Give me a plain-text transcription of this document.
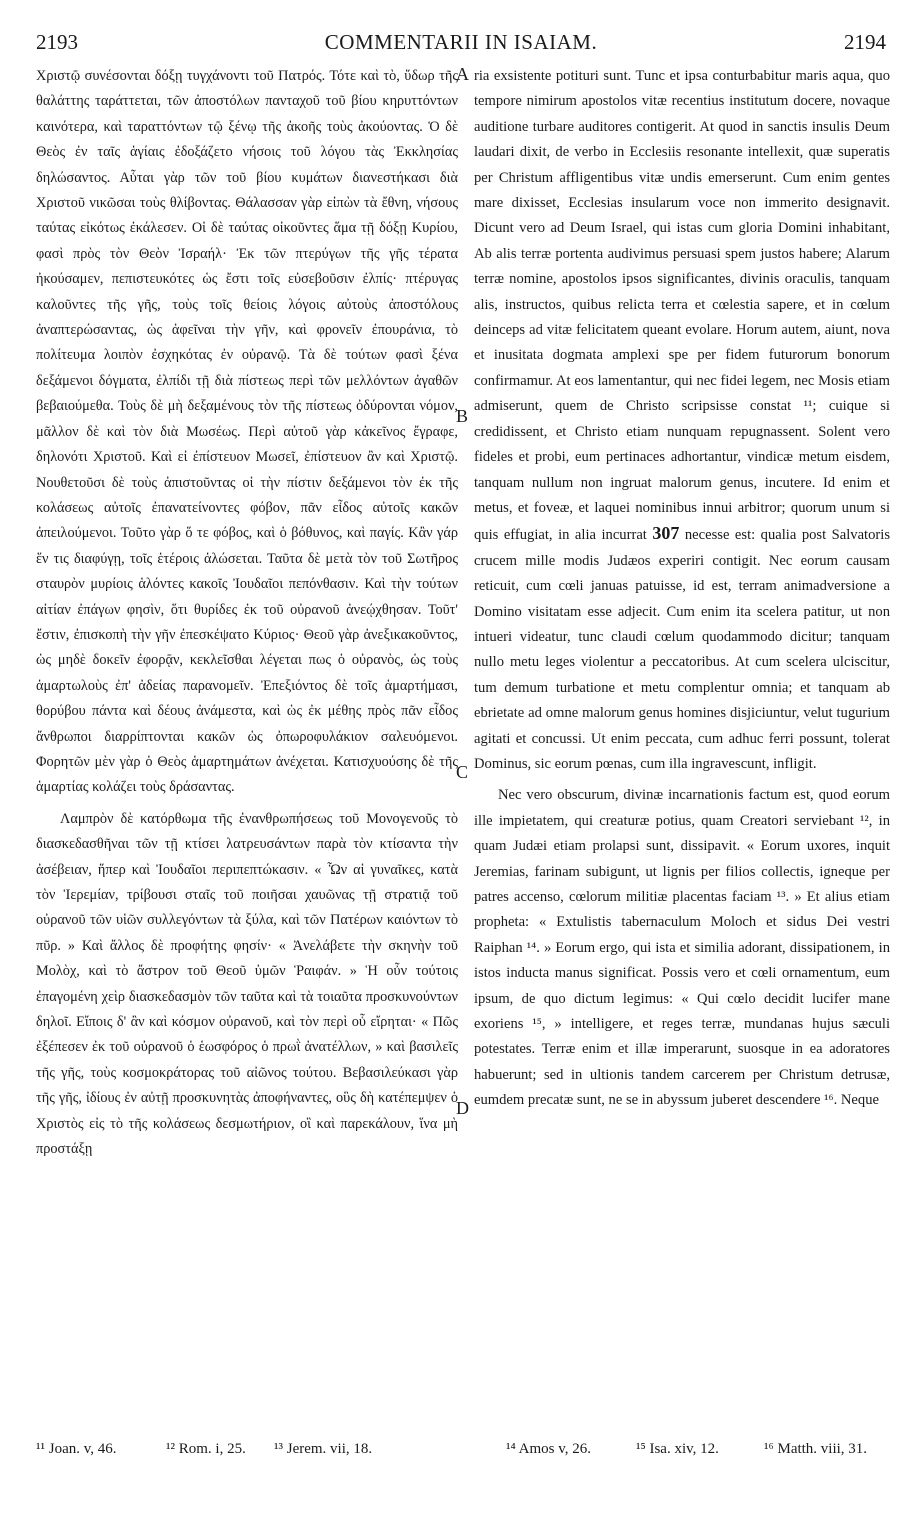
2193	COMMENTARII IN ISAIAM.	2194

Χριστῷ συνέσονται δόξῃ τυγχάνοντι τοῦ Πατρός. Τότε καὶ τὸ, ὕδωρ τῆς θαλάττης ταράττεται, τῶν ἀποστόλων πανταχοῦ τοῦ βίου κηρυττόντων καινότερα, καὶ ταραττόντων τῷ ξένῳ τῆς ἀκοῆς τοὺς ἀκούοντας. Ὁ δὲ Θεὸς ἐν ταῖς ἁγίαις ἐδοξάζετο νήσοις τοῦ λόγου τὰς Ἐκκλησίας δηλώσαντος. Αὗται γὰρ τῶν τοῦ βίου κυμάτων διανεστήκασι διὰ Χριστοῦ νικῶσαι τοὺς θλίβοντας. Θάλασσαν γὰρ εἰπὼν τὰ ἔθνη, νήσους ταύτας εἰκότως ἐκάλεσεν. Οἱ δὲ ταύτας οἰκοῦντες ἅμα τῇ δόξῃ Κυρίου, φασὶ πρὸς τὸν Θεὸν Ἰσραήλ· Ἐκ τῶν πτερύγων τῆς γῆς τέρατα ἠκούσαμεν, πεπιστευκότες ὡς ἔστι τοῖς εὐσεβοῦσιν ἐλπίς· πτέρυγας καλοῦντες τῆς γῆς, τοὺς τοῖς θείοις λόγοις αὐτοὺς ἀποστόλους ἀναπτερώσαντας, ὡς ἀφεῖναι τὴν γῆν, καὶ φρονεῖν ἐπουράνια, τὸ πολίτευμα λοιπὸν ἐσχηκότας ἐν οὐρανῷ. Τὰ δὲ τούτων φασὶ ξένα δεξάμενοι δόγματα, ἐλπίδι τῇ διὰ πίστεως περὶ τῶν μελλόντων ἀγαθῶν βεβαιούμεθα. Τοὺς δὲ μὴ δεξαμένους τὸν τῆς πίστεως ὀδύρονται νόμον, μᾶλλον δὲ καὶ τὸν διὰ Μωσέως. Περὶ αὐτοῦ γὰρ κἀκεῖνος ἔγραφε, δηλονότι Χριστοῦ. Καὶ εἰ ἐπίστευον Μωσεῖ, ἐπίστευον ἂν καὶ Χριστῷ. Νουθετοῦσι δὲ τοὺς ἀπιστοῦντας οἱ τὴν πίστιν δεξάμενοι τὸν ἐκ τῆς κολάσεως αὐτοῖς ἐπανατείνοντες φόβον, πᾶν εἶδος αὐτοῖς κακῶν ἀπειλούμενοι. Τοῦτο γὰρ ὅ τε φόβος, καὶ ὁ βόθυνος, καὶ παγίς. Κἂν γάρ ἕν τις διαφύγῃ, τοῖς ἑτέροις ἁλώσεται. Ταῦτα δὲ μετὰ τὸν τοῦ Σωτῆρος σταυρὸν μυρίοις ἁλόντες κακοῖς Ἰουδαῖοι πεπόνθασιν. Καὶ τὴν τούτων αἰτίαν ἐπάγων φησὶν, ὅτι θυρίδες ἐκ τοῦ οὐρανοῦ ἀνεῴχθησαν. Τοῦτ' ἔστιν, ἐπισκοπὴ τὴν γῆν ἐπεσκέψατο Κύριος· Θεοῦ γὰρ ἀνεξικακοῦντος, ὡς μηδὲ δοκεῖν ἐφορᾷν, κεκλεῖσθαι λέγεται πως ὁ οὐρανὸς, ὡς τοὺς ἁμαρτωλοὺς ἐπ' ἀδείας παρανομεῖν. Ἐπεξιόντος δὲ τοῖς ἁμαρτήμασι, θορύβου πάντα καὶ δέους ἀνάμεστα, καὶ ὡς ἐκ μέθης πρὸς πᾶν εἶδος ἄνθρωποι διαρρίπτονται κακῶν ὡς ὀπωροφυλάκιον σαλευόμενοι. Φορητῶν μὲν γὰρ ὁ Θεὸς ἁμαρτημάτων ἀνέχεται. Κατισχυούσης δὲ τῆς ἁμαρτίας κολάζει τοὺς δράσαντας.

Λαμπρὸν δὲ κατόρθωμα τῆς ἐνανθρωπήσεως τοῦ Μονογενοῦς τὸ διασκεδασθῆναι τῶν τῇ κτίσει λατρευσάντων παρὰ τὸν κτίσαντα τὴν ἀσέβειαν, ἥπερ καὶ Ἰουδαῖοι περιπεπτώκασιν. « Ὧν αἱ γυναῖκες, κατὰ τὸν Ἱερεμίαν, τρίβουσι σταῖς τοῦ ποιῆσαι χαυῶνας τῇ στρατιᾷ τοῦ οὐρανοῦ τῶν υἱῶν συλλεγόντων τὰ ξύλα, καὶ τῶν Πατέρων καιόντων τὸ πῦρ. » Καὶ ἄλλος δὲ προφήτης φησίν· « Ἀνελάβετε τὴν σκηνὴν τοῦ Μολὸχ, καὶ τὸ ἄστρον τοῦ Θεοῦ ὑμῶν Ῥαιφάν. » Ἡ οὖν τούτοις ἐπαγομένη χεὶρ διασκεδασμὸν τῶν ταῦτα καὶ τὰ τοιαῦτα προσκυνούντων δηλοῖ. Εἴποις δ' ἂν καὶ κόσμον οὐρανοῦ, καὶ τὸν περὶ οὗ εἴρηται· « Πῶς ἐξέπεσεν ἐκ τοῦ οὐρανοῦ ὁ ἑωσφόρος ὁ πρωῒ ἀνατέλλων, » καὶ βασιλεῖς τῆς γῆς, τοὺς κοσμοκράτορας τοῦ αἰῶνος τούτου. Βεβασιλεύκασι γὰρ τῆς γῆς, ἰδίους ἐν αὐτῇ προσκυνητὰς ἀποφήναντες, οὓς δὴ κατέπεμψεν ὁ Χριστὸς εἰς τὸ τῆς κολάσεως δεσμωτήριον, οἳ καὶ παρεκάλουν, ἵνα μὴ προστάξῃ

A
B
C
D

ria exsistente potituri sunt. Tunc et ipsa conturbabitur maris aqua, quo tempore nimirum apostolos vitæ recentius institutum docere, novaque auditione turbare auditores contigerit. At quod in sanctis insulis Deum laudari dixit, de verbo in Ecclesiis resonante intellexit, quæ superatis per Christum affligentibus vitæ undis emerserunt. Cum enim gentes mare dixisset, Ecclesias insularum voce non immerito designavit. Dicunt vero ad Deum Israel, qui istas cum gloria Domini inhabitant, Ab alis terræ portenta audivimus persuasi spem justos habere; Alarum terræ nomine, apostolos ipsos significantes, divinis oraculis, tanquam alis, instructos, quibus relicta terra et cœlestia sapere, et in cœlum deinceps ad vitæ felicitatem queant evolare. Horum autem, aiunt, nova et inusitata dogmata amplexi spe per fidem futurorum bonorum confirmamur. At eos lamentantur, qui nec fidei legem, nec Mosis etiam admiserunt, quem de Christo scripsisse constat ¹¹; cuique si credidissent, et Christo etiam nunquam repugnassent. Solent vero fideles et probi, eum pertinaces adhortantur, vindicæ metum eisdem, tanquam nullum non ingruat malorum genus, incutere. Id enim et metus, et foveæ, et laquei nominibus innui arbitror; quorum unum si quis effugiat, in alia incurrat 307 necesse est: qualia post Salvatoris crucem mille modis Judæos experiri contigit. Nec eorum causam reticuit, cum cœli januas patuisse, id est, terram animadversione a Domino visitatam esse adjecit. Cum enim ita scelera patitur, ut non intueri videatur, tunc claudi cœlum quodammodo dicitur; tanquam nullo metu leges violentur a peccatoribus. At cum scelera ulciscitur, tum demum turbatione et metu complentur omnia; et tanquam ab ebrietate ad omne malorum genus homines disjiciuntur, velut tugurium agitati et concussi. Ut enim peccata, cum adhuc ferri possunt, tolerat Dominus, sic eorum pœnas, cum illa ingravescunt, infligit.

Nec vero obscurum, divinæ incarnationis factum est, quod eorum ille impietatem, qui creaturæ potius, quam Creatori serviebant ¹², in quam Judæi etiam prolapsi sunt, dissipavit. « Eorum uxores, inquit Jeremias, farinam subigunt, ut lignis per filios collectis, igneque per patres accenso, cœlorum militiæ placentas faciam ¹³. » Et alius etiam propheta: « Extulistis tabernaculum Moloch et sidus Dei vestri Raiphan ¹⁴. » Eorum ergo, qui ista et similia adorant, dissipationem, in istos inducta manus significat. Possis vero et cœli ornamentum, eum ipsum, de quo dictum legimus: « Qui cœlo decidit lucifer mane exoriens ¹⁵, » intelligere, et reges terræ, mundanas hujus sæculi potestates. Terræ enim et illæ imperarunt, suosque in ea adoratores habuerunt; sed in ultionis tandem carcerem per Christum detrusæ, eumdem precatæ sunt, ne se in abyssum juberet descendere ¹⁶. Neque

¹¹ Joan. v, 46.	¹² Rom. i, 25. ¹³ Jerem. vii, 18.	¹⁴ Amos v, 26.	¹⁵ Isa. xiv, 12.	¹⁶ Matth. viii, 31.
